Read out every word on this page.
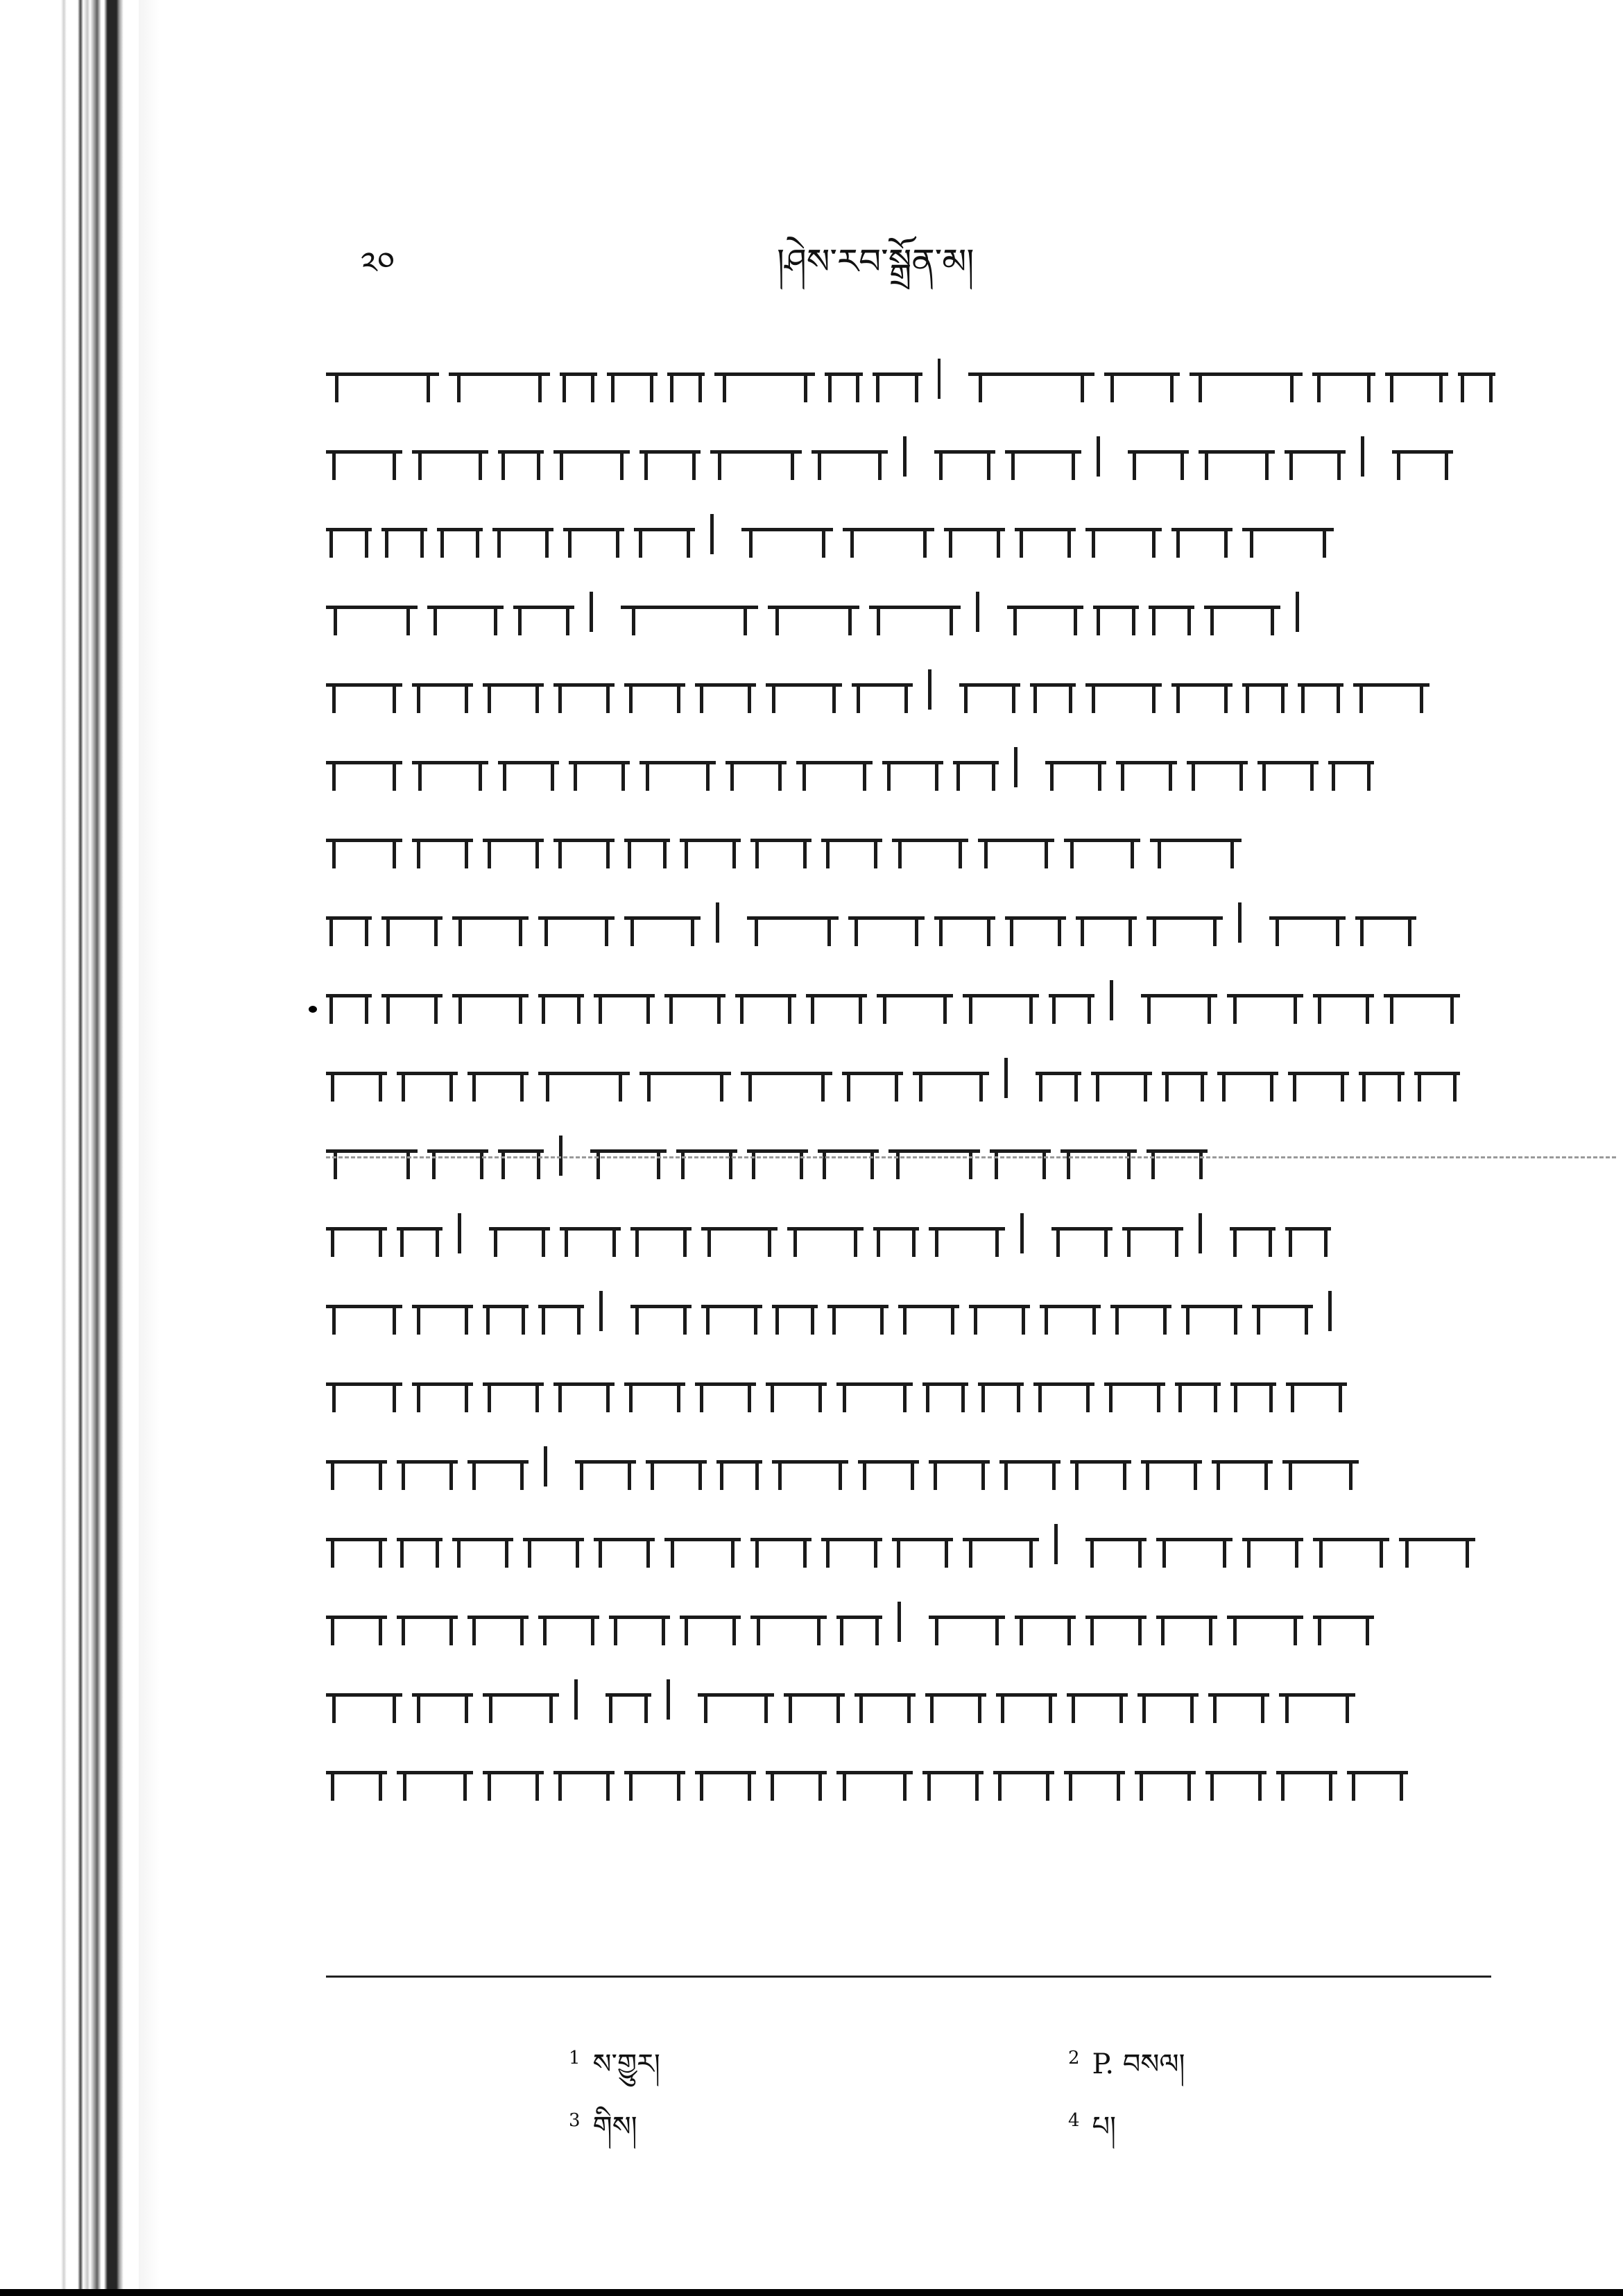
༢༠	།ཤེས་རབ་སྒྲོན་མ།
$^1$ ས་གྱུར།	$^2$ P. བསལ།
$^3$ གིས།	$^4$ པ།
